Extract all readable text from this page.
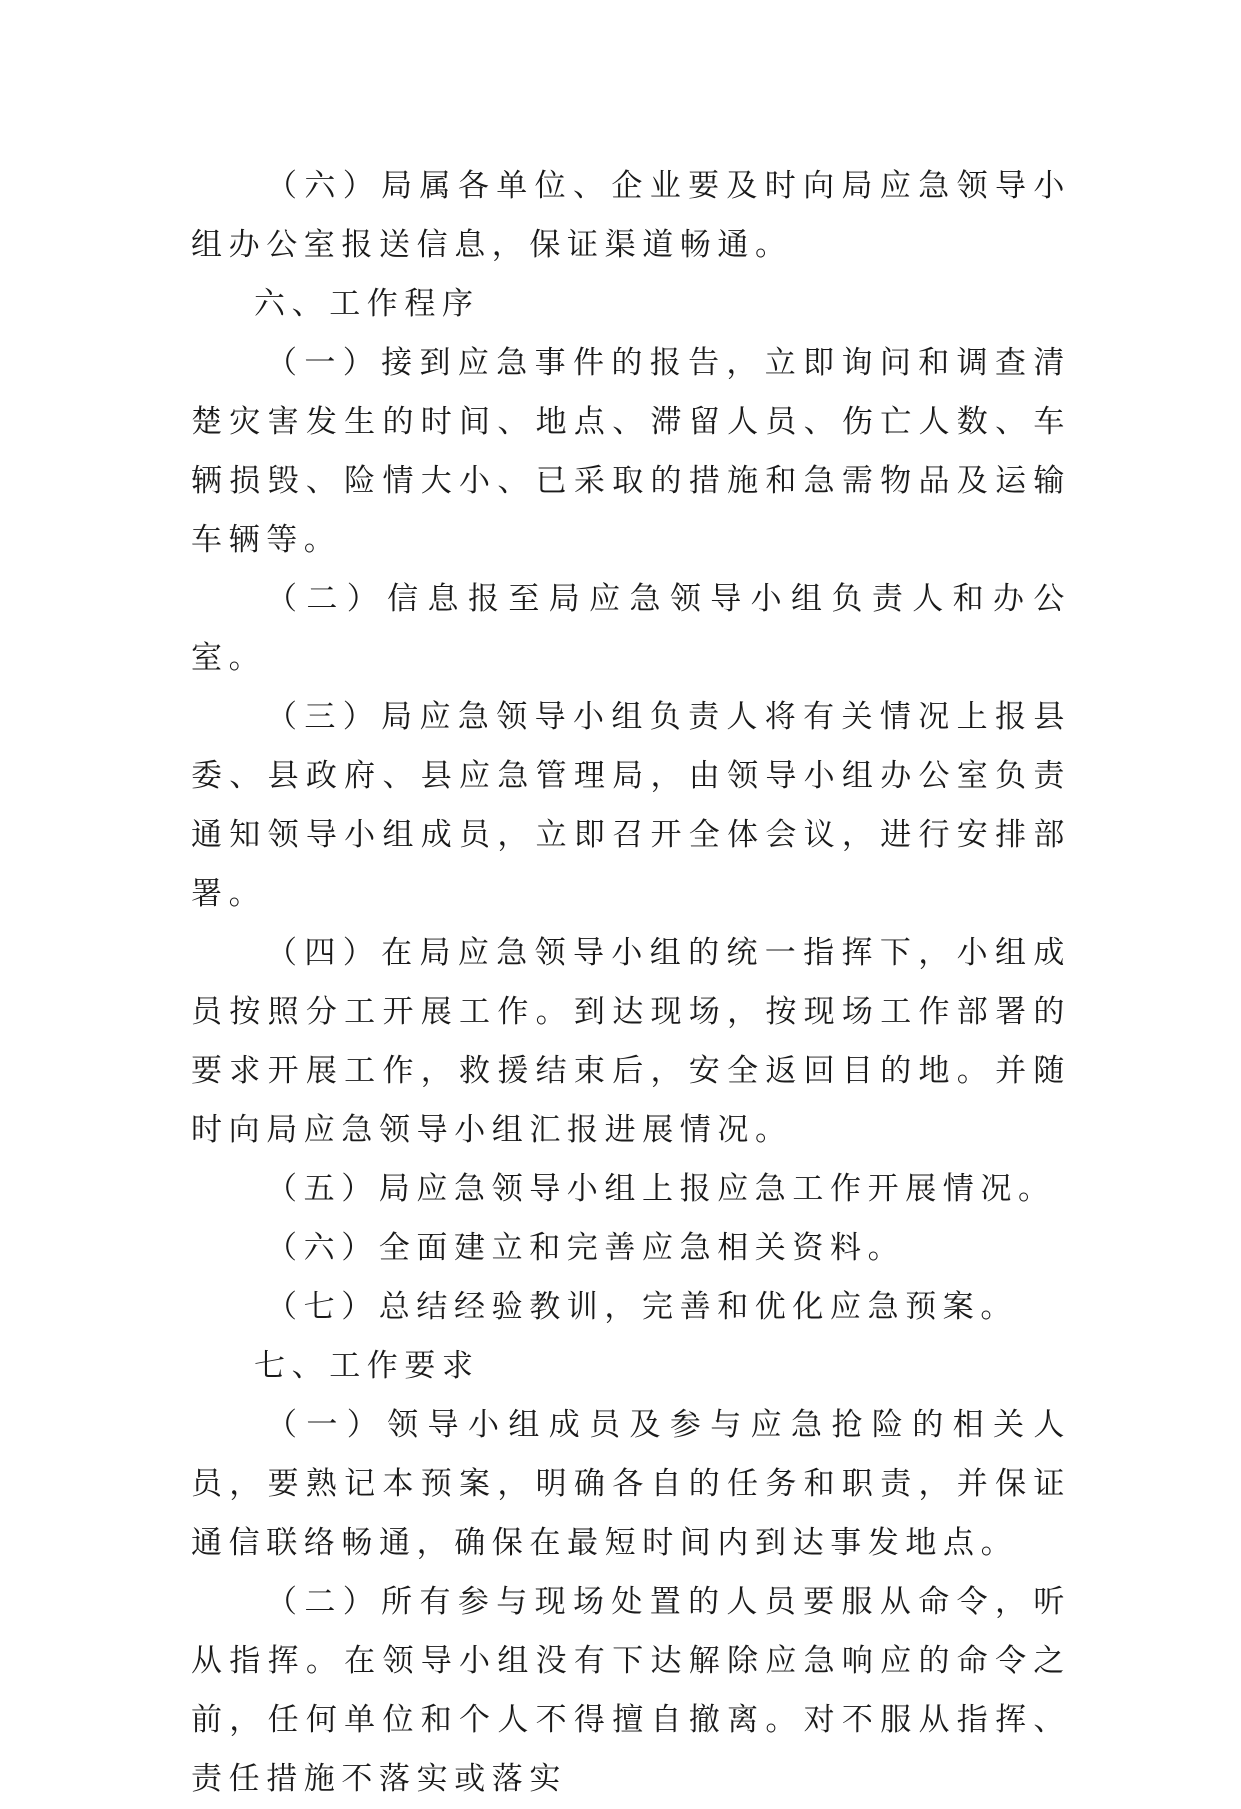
（六）局属各单位、企业要及时向局应急领导小组办公室报送信息，保证渠道畅通。

六、工作程序

（一）接到应急事件的报告，立即询问和调查清楚灾害发生的时间、地点、滞留人员、伤亡人数、车辆损毁、险情大小、已采取的措施和急需物品及运输车辆等。

（二）信息报至局应急领导小组负责人和办公室。

（三）局应急领导小组负责人将有关情况上报县委、县政府、县应急管理局，由领导小组办公室负责通知领导小组成员，立即召开全体会议，进行安排部署。

（四）在局应急领导小组的统一指挥下，小组成员按照分工开展工作。到达现场，按现场工作部署的要求开展工作，救援结束后，安全返回目的地。并随时向局应急领导小组汇报进展情况。

（五）局应急领导小组上报应急工作开展情况。

（六）全面建立和完善应急相关资料。

（七）总结经验教训，完善和优化应急预案。

七、工作要求

（一）领导小组成员及参与应急抢险的相关人员，要熟记本预案，明确各自的任务和职责，并保证通信联络畅通，确保在最短时间内到达事发地点。

（二）所有参与现场处置的人员要服从命令，听从指挥。在领导小组没有下达解除应急响应的命令之前，任何单位和个人不得擅自撤离。对不服从指挥、责任措施不落实或落实
